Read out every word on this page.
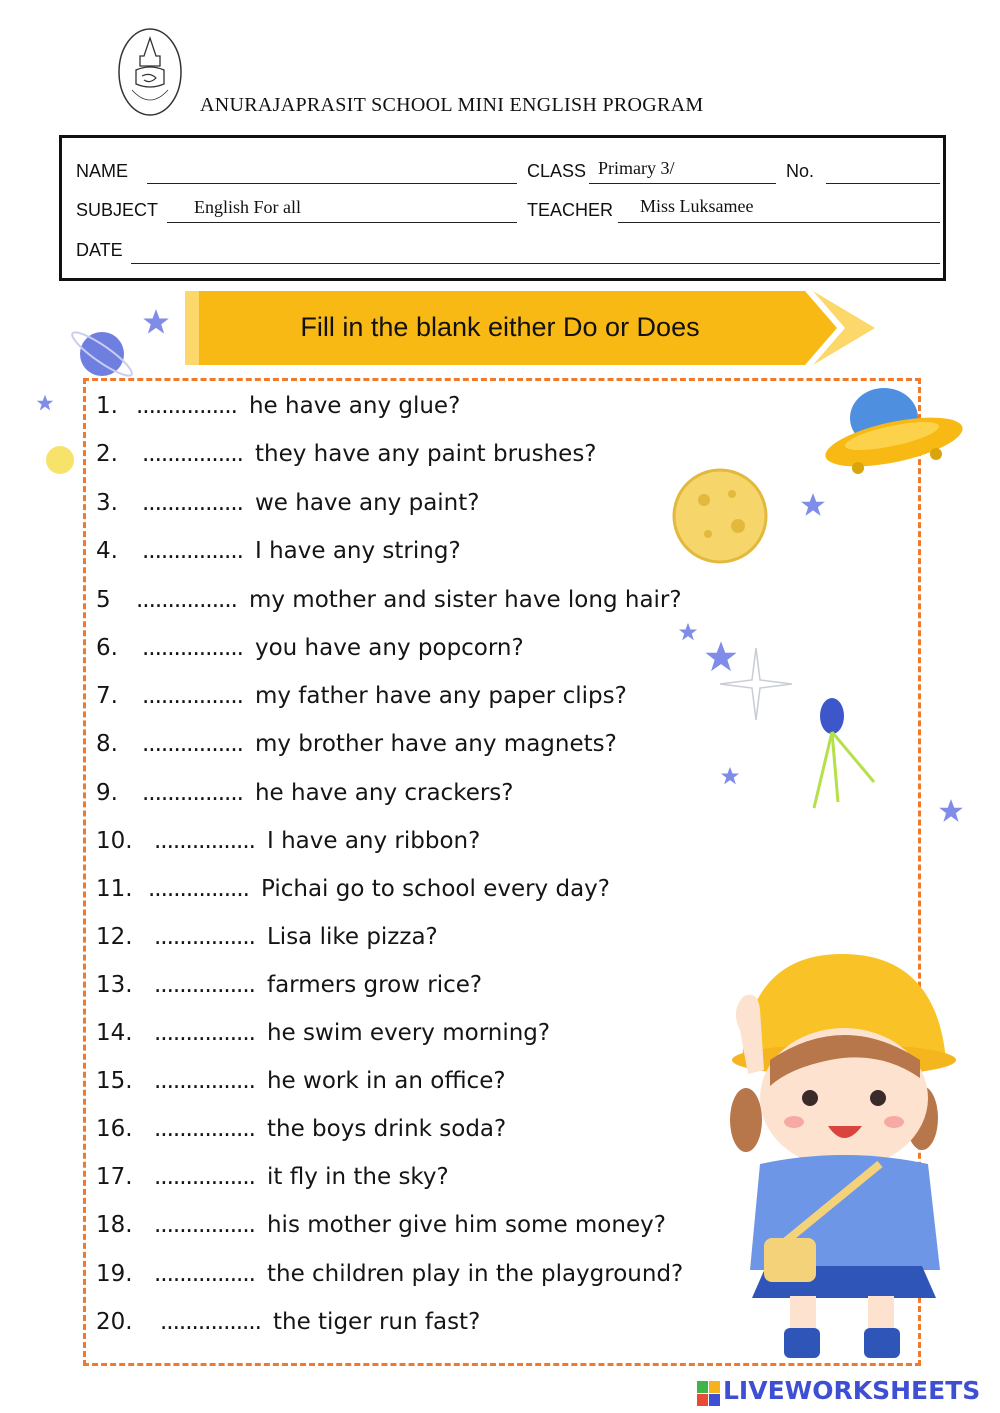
ANURAJAPRASIT SCHOOL MINI ENGLISH PROGRAM
NAME	CLASS Primary 3/	No.
SUBJECT English For all	TEACHER Miss Luksamee
DATE
Fill in the blank either Do or Does
1. ................ he have any glue?
2. ................ they have any paint brushes?
3. ................ we have any paint?
4. ................ I have any string?
5 ................ my mother and sister have long hair?
6. ................ you have any popcorn?
7. ................ my father have any paper clips?
8. ................ my brother have any magnets?
9. ................ he have any crackers?
10. ................ I have any ribbon?
11. ................ Pichai go to school every day?
12. ................ Lisa like pizza?
13. ................ farmers grow rice?
14. ................ he swim every morning?
15. ................ he work in an office?
16. ................ the boys drink soda?
17. ................ it fly in the sky?
18. ................ his mother give him some money?
19. ................ the children play in the playground?
20. ................ the tiger run fast?
LIVEWORKSHEETS
